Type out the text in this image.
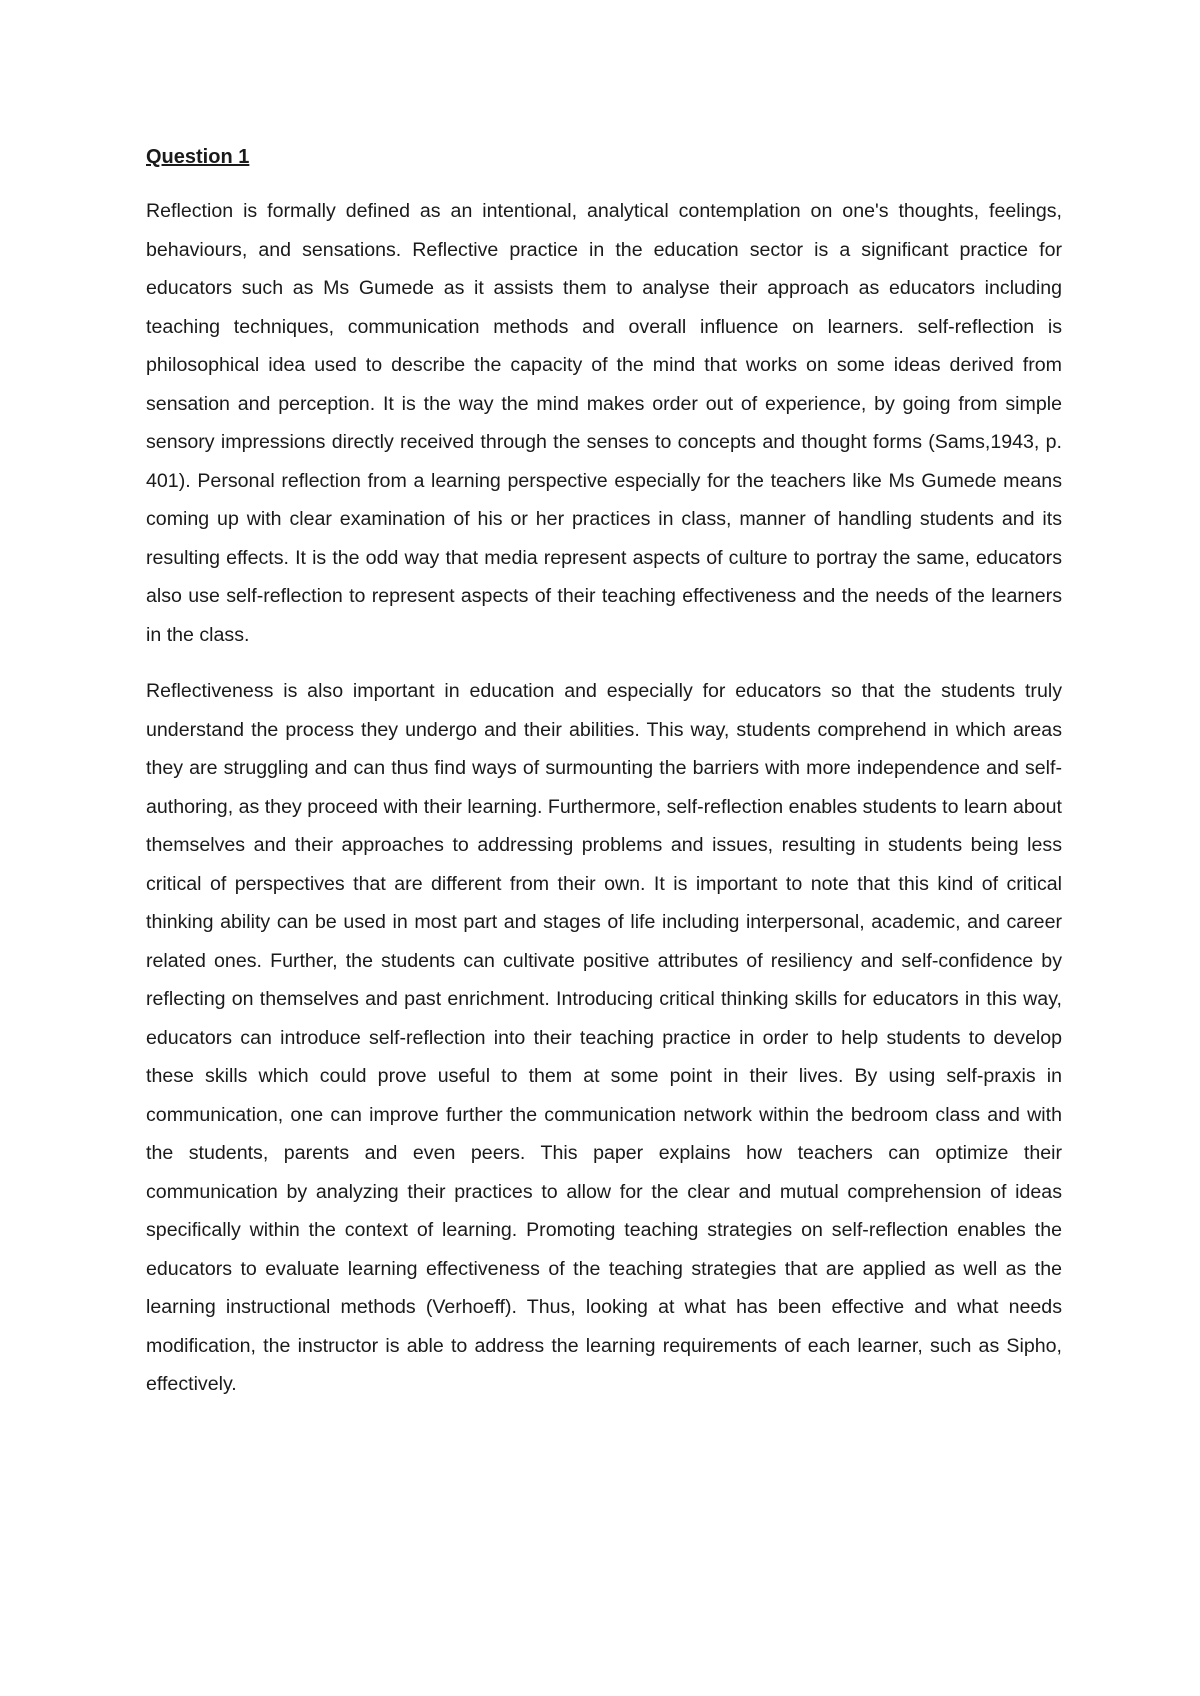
Question 1

Reflection is formally defined as an intentional, analytical contemplation on one's thoughts, feelings, behaviours, and sensations. Reflective practice in the education sector is a significant practice for educators such as Ms Gumede as it assists them to analyse their approach as educators including teaching techniques, communication methods and overall influence on learners. self-reflection is philosophical idea used to describe the capacity of the mind that works on some ideas derived from sensation and perception. It is the way the mind makes order out of experience, by going from simple sensory impressions directly received through the senses to concepts and thought forms (Sams,1943, p. 401). Personal reflection from a learning perspective especially for the teachers like Ms Gumede means coming up with clear examination of his or her practices in class, manner of handling students and its resulting effects. It is the odd way that media represent aspects of culture to portray the same, educators also use self-reflection to represent aspects of their teaching effectiveness and the needs of the learners in the class.

Reflectiveness is also important in education and especially for educators so that the students truly understand the process they undergo and their abilities. This way, students comprehend in which areas they are struggling and can thus find ways of surmounting the barriers with more independence and self-authoring, as they proceed with their learning. Furthermore, self-reflection enables students to learn about themselves and their approaches to addressing problems and issues, resulting in students being less critical of perspectives that are different from their own. It is important to note that this kind of critical thinking ability can be used in most part and stages of life including interpersonal, academic, and career related ones. Further, the students can cultivate positive attributes of resiliency and self-confidence by reflecting on themselves and past enrichment. Introducing critical thinking skills for educators in this way, educators can introduce self-reflection into their teaching practice in order to help students to develop these skills which could prove useful to them at some point in their lives. By using self-praxis in communication, one can improve further the communication network within the bedroom class and with the students, parents and even peers. This paper explains how teachers can optimize their communication by analyzing their practices to allow for the clear and mutual comprehension of ideas specifically within the context of learning. Promoting teaching strategies on self-reflection enables the educators to evaluate learning effectiveness of the teaching strategies that are applied as well as the learning instructional methods (Verhoeff). Thus, looking at what has been effective and what needs modification, the instructor is able to address the learning requirements of each learner, such as Sipho, effectively.
